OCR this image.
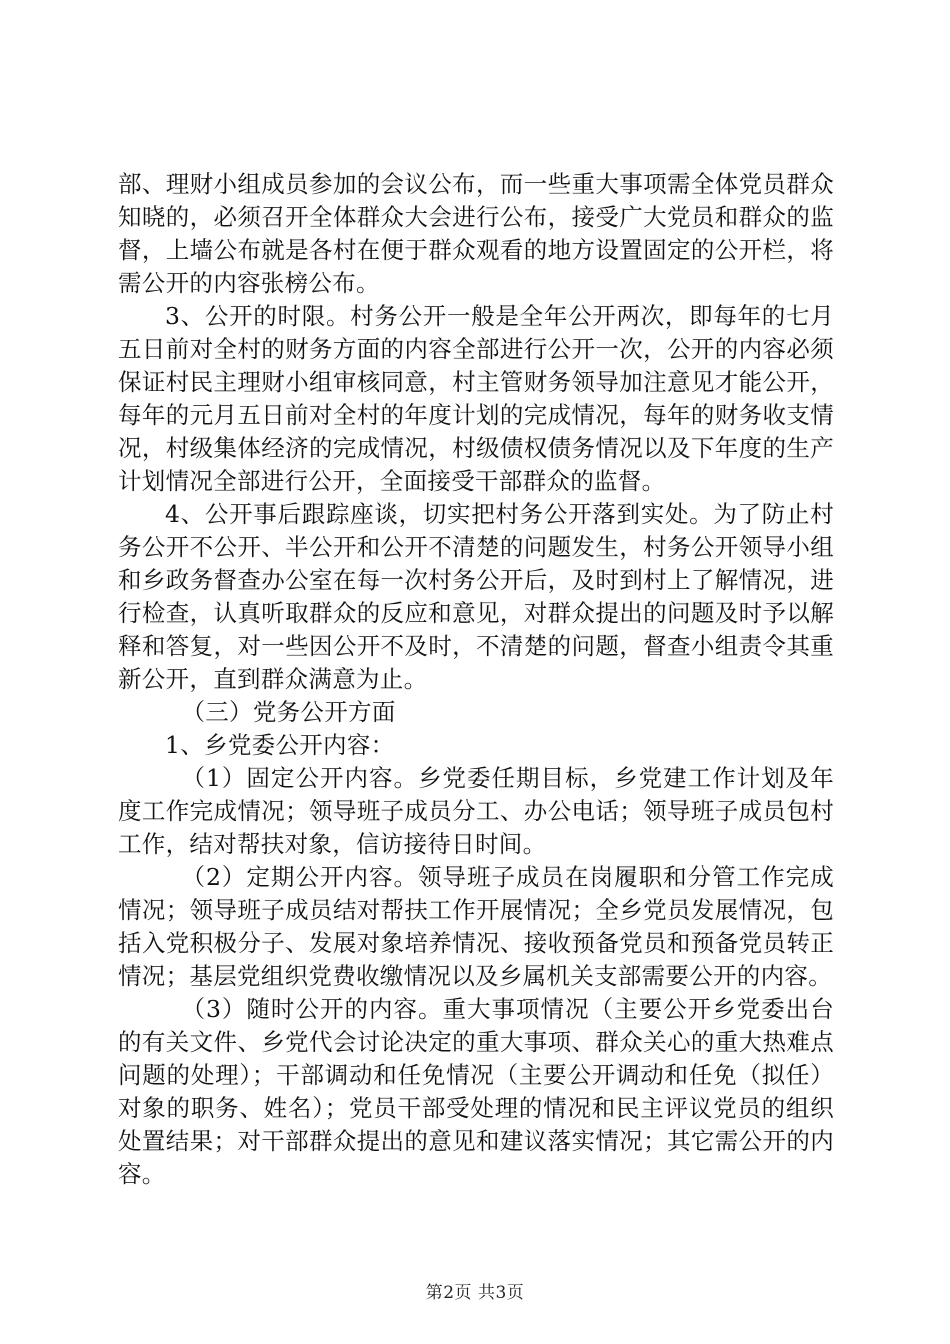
部、理财小组成员参加的会议公布，而一些重大事项需全体党员群众知晓的，必须召开全体群众大会进行公布，接受广大党员和群众的监督，上墙公布就是各村在便于群众观看的地方设置固定的公开栏，将需公开的内容张榜公布。

3、公开的时限。村务公开一般是全年公开两次，即每年的七月五日前对全村的财务方面的内容全部进行公开一次，公开的内容必须保证村民主理财小组审核同意，村主管财务领导加注意见才能公开，每年的元月五日前对全村的年度计划的完成情况，每年的财务收支情况，村级集体经济的完成情况，村级债权债务情况以及下年度的生产计划情况全部进行公开，全面接受干部群众的监督。

4、公开事后跟踪座谈，切实把村务公开落到实处。为了防止村务公开不公开、半公开和公开不清楚的问题发生，村务公开领导小组和乡政务督查办公室在每一次村务公开后，及时到村上了解情况，进行检查，认真听取群众的反应和意见，对群众提出的问题及时予以解释和答复，对一些因公开不及时，不清楚的问题，督查小组责令其重新公开，直到群众满意为止。

（三）党务公开方面

1、乡党委公开内容：

（1）固定公开内容。乡党委任期目标，乡党建工作计划及年度工作完成情况；领导班子成员分工、办公电话；领导班子成员包村工作，结对帮扶对象，信访接待日时间。

（2）定期公开内容。领导班子成员在岗履职和分管工作完成情况；领导班子成员结对帮扶工作开展情况；全乡党员发展情况，包括入党积极分子、发展对象培养情况、接收预备党员和预备党员转正情况；基层党组织党费收缴情况以及乡属机关支部需要公开的内容。

（3）随时公开的内容。重大事项情况（主要公开乡党委出台的有关文件、乡党代会讨论决定的重大事项、群众关心的重大热难点问题的处理）；干部调动和任免情况（主要公开调动和任免（拟任）对象的职务、姓名）；党员干部受处理的情况和民主评议党员的组织处置结果；对干部群众提出的意见和建议落实情况；其它需公开的内容。

第2页 共3页
